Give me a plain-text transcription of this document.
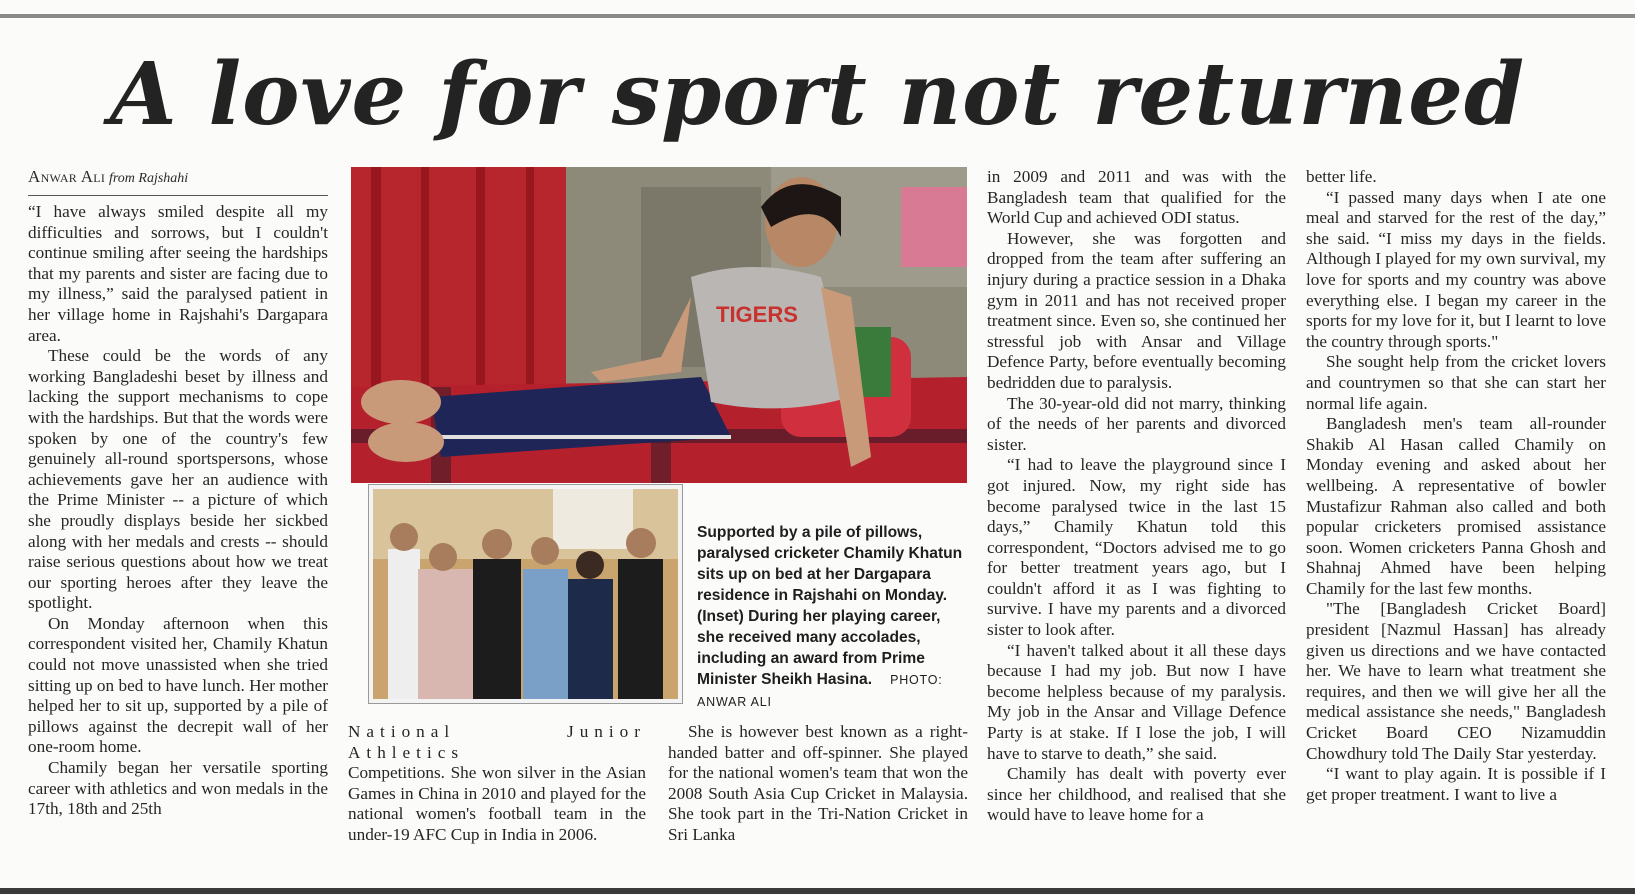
A love for sport not returned
Anwar Ali from Rajshahi

“I have always smiled despite all my difficulties and sorrows, but I couldn't continue smiling after seeing the hardships that my parents and sister are facing due to my illness,” said the paralysed patient in her village home in Rajshahi's Dargapara area.

These could be the words of any working Bangladeshi beset by illness and lacking the support mechanisms to cope with the hardships. But that the words were spoken by one of the country's few genuinely all-round sportspersons, whose achievements gave her an audience with the Prime Minister -- a picture of which she proudly displays beside her sickbed along with her medals and crests -- should raise serious questions about how we treat our sporting heroes after they leave the spotlight.

On Monday afternoon when this correspondent visited her, Chamily Khatun could not move unassisted when she tried sitting up on bed to have lunch. Her mother helped her to sit up, supported by a pile of pillows against the decrepit wall of her one-room home.

Chamily began her versatile sporting career with athletics and won medals in the 17th, 18th and 25th

TIGERS
Supported by a pile of pillows, paralysed cricketer Chamily Khatun sits up on bed at her Dargapara residence in Rajshahi on Monday. (Inset) During her playing career, she received many accolades, including an award from Prime Minister Sheikh Hasina. PHOTO: ANWAR ALI

National Junior Athletics

Competitions. She won silver in the Asian Games in China in 2010 and played for the national women's football team in the under-19 AFC Cup in India in 2006.

She is however best known as a right-handed batter and off-spinner. She played for the national women's team that won the 2008 South Asia Cup Cricket in Malaysia. She took part in the Tri-Nation Cricket in Sri Lanka

in 2009 and 2011 and was with the Bangladesh team that qualified for the World Cup and achieved ODI status.

However, she was forgotten and dropped from the team after suffering an injury during a practice session in a Dhaka gym in 2011 and has not received proper treatment since. Even so, she continued her stressful job with Ansar and Village Defence Party, before eventually becoming bedridden due to paralysis.

The 30-year-old did not marry, thinking of the needs of her parents and divorced sister.

“I had to leave the playground since I got injured. Now, my right side has become paralysed twice in the last 15 days,” Chamily Khatun told this correspondent, “Doctors advised me to go for better treatment years ago, but I couldn't afford it as I was fighting to survive. I have my parents and a divorced sister to look after.

“I haven't talked about it all these days because I had my job. But now I have become helpless because of my paralysis. My job in the Ansar and Village Defence Party is at stake. If I lose the job, I will have to starve to death,” she said.

Chamily has dealt with poverty ever since her childhood, and realised that she would have to leave home for a

better life.

“I passed many days when I ate one meal and starved for the rest of the day,” she said. “I miss my days in the fields. Although I played for my own survival, my love for sports and my country was above everything else. I began my career in the sports for my love for it, but I learnt to love the country through sports."

She sought help from the cricket lovers and countrymen so that she can start her normal life again.

Bangladesh men's team all-rounder Shakib Al Hasan called Chamily on Monday evening and asked about her wellbeing. A representative of bowler Mustafizur Rahman also called and both popular cricketers promised assistance soon. Women cricketers Panna Ghosh and Shahnaj Ahmed have been helping Chamily for the last few months.

"The [Bangladesh Cricket Board] president [Nazmul Hassan] has already given us directions and we have contacted her. We have to learn what treatment she requires, and then we will give her all the medical assistance she needs," Bangladesh Cricket Board CEO Nizamuddin Chowdhury told The Daily Star yesterday.

“I want to play again. It is possible if I get proper treatment. I want to live a
